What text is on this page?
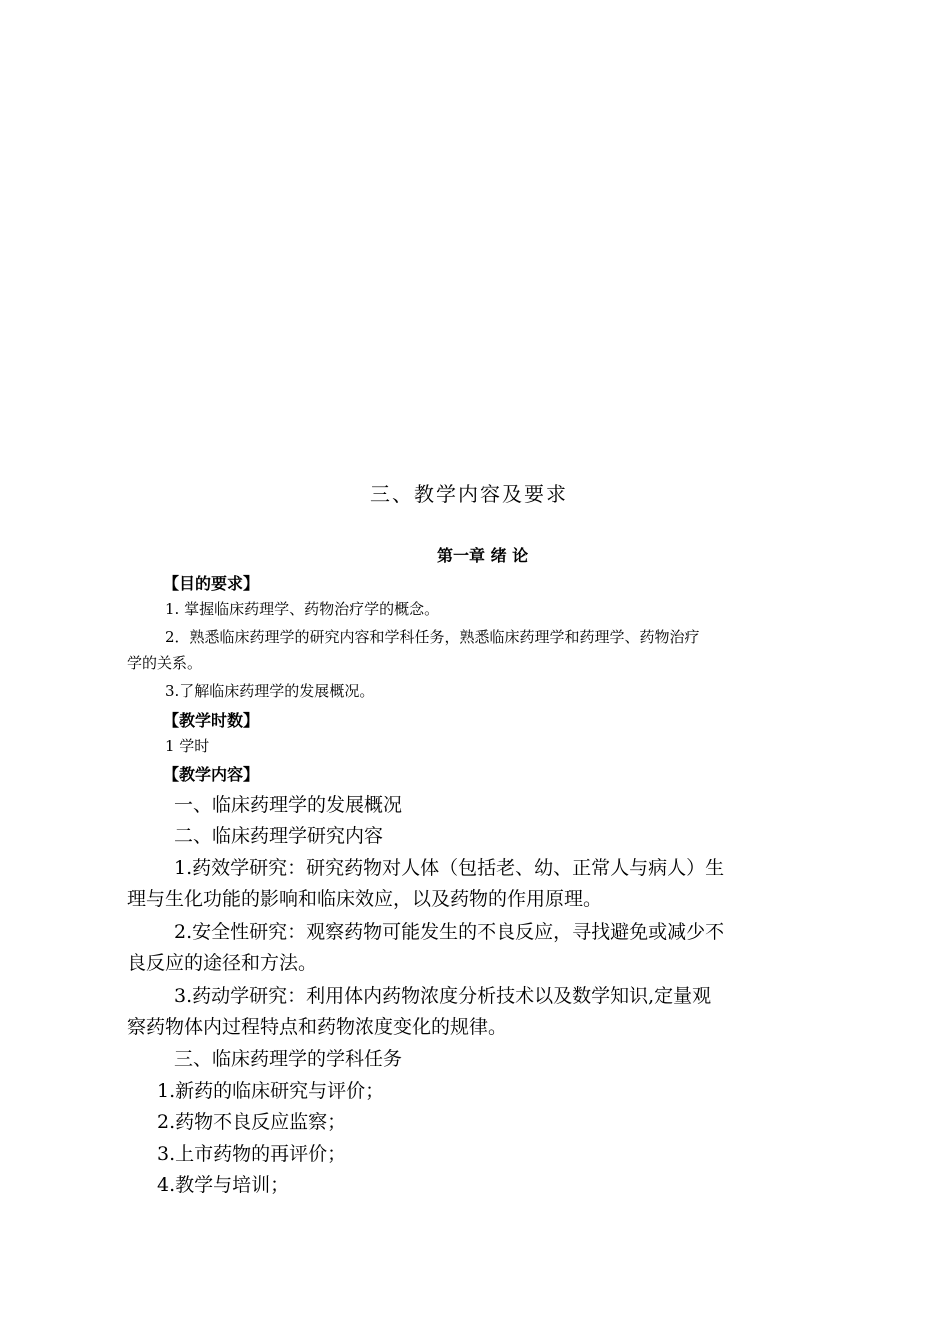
三、教学内容及要求
第一章 绪 论
【目的要求】
1. 掌握临床药理学、药物治疗学的概念。
2．熟悉临床药理学的研究内容和学科任务，熟悉临床药理学和药理学、药物治疗
学的关系。
3.了解临床药理学的发展概况。
【教学时数】
1 学时
【教学内容】
一、临床药理学的发展概况
二、临床药理学研究内容
1.药效学研究：研究药物对人体（包括老、幼、正常人与病人）生
理与生化功能的影响和临床效应，以及药物的作用原理。
2.安全性研究：观察药物可能发生的不良反应，寻找避免或减少不
良反应的途径和方法。
3.药动学研究：利用体内药物浓度分析技术以及数学知识,定量观
察药物体内过程特点和药物浓度变化的规律。
三、临床药理学的学科任务
1.新药的临床研究与评价；
2.药物不良反应监察；
3.上市药物的再评价；
4.教学与培训；
